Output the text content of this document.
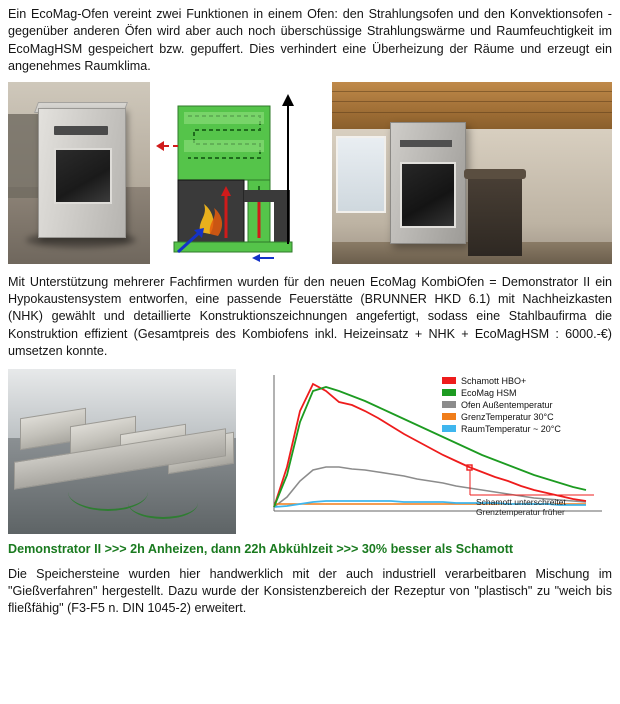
Ein EcoMag-Ofen vereint zwei Funktionen in einem Ofen: den Strahlungsofen und den Konvektionsofen - gegenüber anderen Öfen wird aber auch noch überschüssige Strahlungswärme und Raumfeuchtigkeit im EcoMagHSM gespeichert bzw. gepuffert. Dies verhindert eine Überheizung der Räume und erzeugt ein angenehmes Raumklima.

Mit Unterstützung mehrerer Fachfirmen wurden für den neuen EcoMag KombiOfen = Demonstrator II ein Hypokaustensystem entworfen, eine passende Feuerstätte (BRUNNER HKD 6.1) mit Nachheizkasten (NHK) gewählt und detaillierte Konstruktionszeichnungen angefertigt, sodass eine Stahlbaufirma die Konstruktion effizient (Gesamtpreis des Kombiofens inkl. Heizeinsatz + NHK + EcoMagHSM : 6000.-€) umsetzen konnte.

Schamott HBO+
EcoMag HSM
Ofen Außentemperatur
GrenzTemperatur 30°C
RaumTemperatur ~ 20°C
Schamott unterschreitet
Grenztemperatur früher

Demonstrator II >>> 2h Anheizen, dann 22h Abkühlzeit >>> 30% besser als Schamott

Die Speichersteine wurden hier handwerklich mit der auch industriell verarbeitbaren Mischung im "Gießverfahren" hergestellt. Dazu wurde der Konsistenzbereich der Rezeptur von "plastisch" zu "weich bis fließfähig" (F3-F5 n. DIN 1045-2) erweitert.
